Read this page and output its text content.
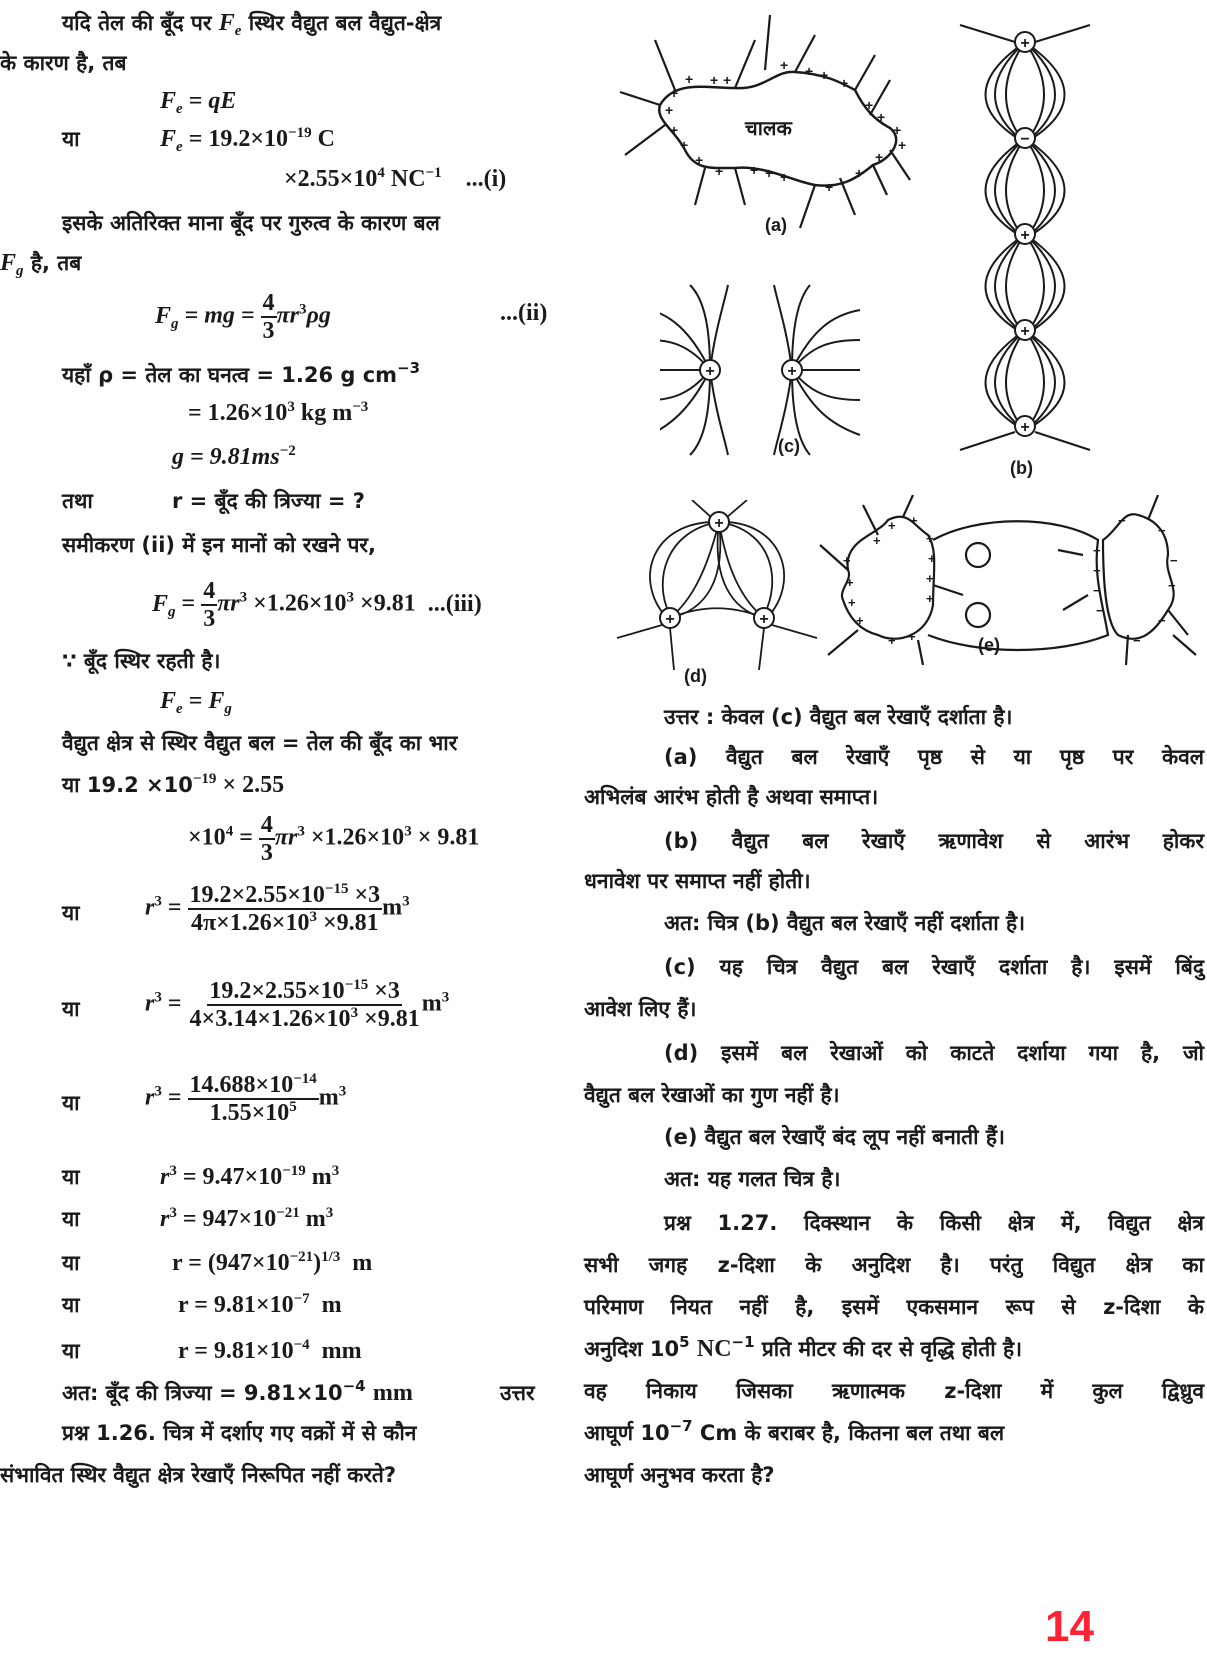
यदि तेल की बूँद पर $F_e$ स्थिर वैद्युत बल वैद्युत-क्षेत्र
के कारण है, तब
$F_e$ = qE
या	$F_e = 19.2\times 10^{-19}$ C
$\times 2.55\times 10^4$ $NC^{-1}$ ...(i)
इसके अतिरिक्त माना बूँद पर गुरुत्व के कारण बल
$F_g$ है, तब
$F_g$ = mg = $\frac{4}{3} \pi r^3\rho g$	...(ii)
यहाँ ρ = तेल का घनत्व = 1.26 g $cm^{-3}$
= $1.26\times 10^3$ kg $m^{-3}$
$g = 9.81ms^{-2}$
तथा	r = बूँद की त्रिज्या = ?
समीकरण (ii) में इन मानों को रखने पर,
$F_g = \frac{4}{3} \pi r^3 \times 1.26\times 10^3 \times 9.81$ ...(iii)
∵ बूँद स्थिर रहती है।
$F_e = F_g$
वैद्युत क्षेत्र से स्थिर वैद्युत बल = तेल की बूँद का भार
या $19.2 \times 10^{-19} \times 2.55$
$\times 10^4 = \frac{4}{3} \pi r^3 \times 1.26\times 10^3 \times 9.81$
या	$r^3 = \frac{19.2\times 2.55\times 10^{-15} \times 3}{4\pi\times 1.26\times 10^3 \times 9.81} m^3$
या	$r^3 = \frac{19.2\times 2.55\times 10^{-15} \times 3}{4\times 3.14\times 1.26\times 10^3 \times 9.81} m^3$
या	$r^3 = \frac{14.688\times 10^{-14}}{1.55\times 10^5} m^3$
या	$r^3 = 9.47\times 10^{-19}$ $m^3$
या	$r^3 = 947\times 10^{-21}$ $m^3$
या	$r = (947\times 10^{-21})^{1/3}$ m
या	$r = 9.81\times 10^{-7}$ m
या	$r = 9.81\times 10^{-4}$ mm
अत: बूँद की त्रिज्या = $9.81\times 10^{-4}$ mm	उत्तर
प्रश्न 1.26. चित्र में दर्शाए गए वक्रों में से कौन
संभावित स्थिर वैद्युत क्षेत्र रेखाएँ निरूपित नहीं करते?
चालक
+
+ + +
+ + + +
+
+
+
+
+
+
+
+
+ + + +
+
+
+
(a)
+
−
+
+
+
(b)
+	+
(c)
+
+	+
(d)
+
+
+
+
+
+ +
+
+
+
+
+ +
−
−
−
−
−
−
−
−
−
−
(e)
उत्तर : केवल (c) वैद्युत बल रेखाएँ दर्शाता है।
(a) वैद्युत बल रेखाएँ पृष्ठ से या पृष्ठ पर केवल
अभिलंब आरंभ होती है अथवा समाप्त।
(b) वैद्युत बल रेखाएँ ऋणावेश से आरंभ होकर
धनावेश पर समाप्त नहीं होती।
अत: चित्र (b) वैद्युत बल रेखाएँ नहीं दर्शाता है।
(c) यह चित्र वैद्युत बल रेखाएँ दर्शाता है। इसमें बिंदु
आवेश लिए हैं।
(d) इसमें बल रेखाओं को काटते दर्शाया गया है, जो
वैद्युत बल रेखाओं का गुण नहीं है।
(e) वैद्युत बल रेखाएँ बंद लूप नहीं बनाती हैं।
अत: यह गलत चित्र है।
प्रश्न 1.27. दिक्स्थान के किसी क्षेत्र में, विद्युत क्षेत्र
सभी जगह z-दिशा के अनुदिश है। परंतु विद्युत क्षेत्र का
परिमाण नियत नहीं है, इसमें एकसमान रूप से z-दिशा के
अनुदिश $10^5$ $NC^{-1}$ प्रति मीटर की दर से वृद्धि होती है।
वह निकाय जिसका ऋणात्मक z-दिशा में कुल द्विध्रुव
आघूर्ण $10^{-7}$ Cm के बराबर है, कितना बल तथा बल
आघूर्ण अनुभव करता है?
14
